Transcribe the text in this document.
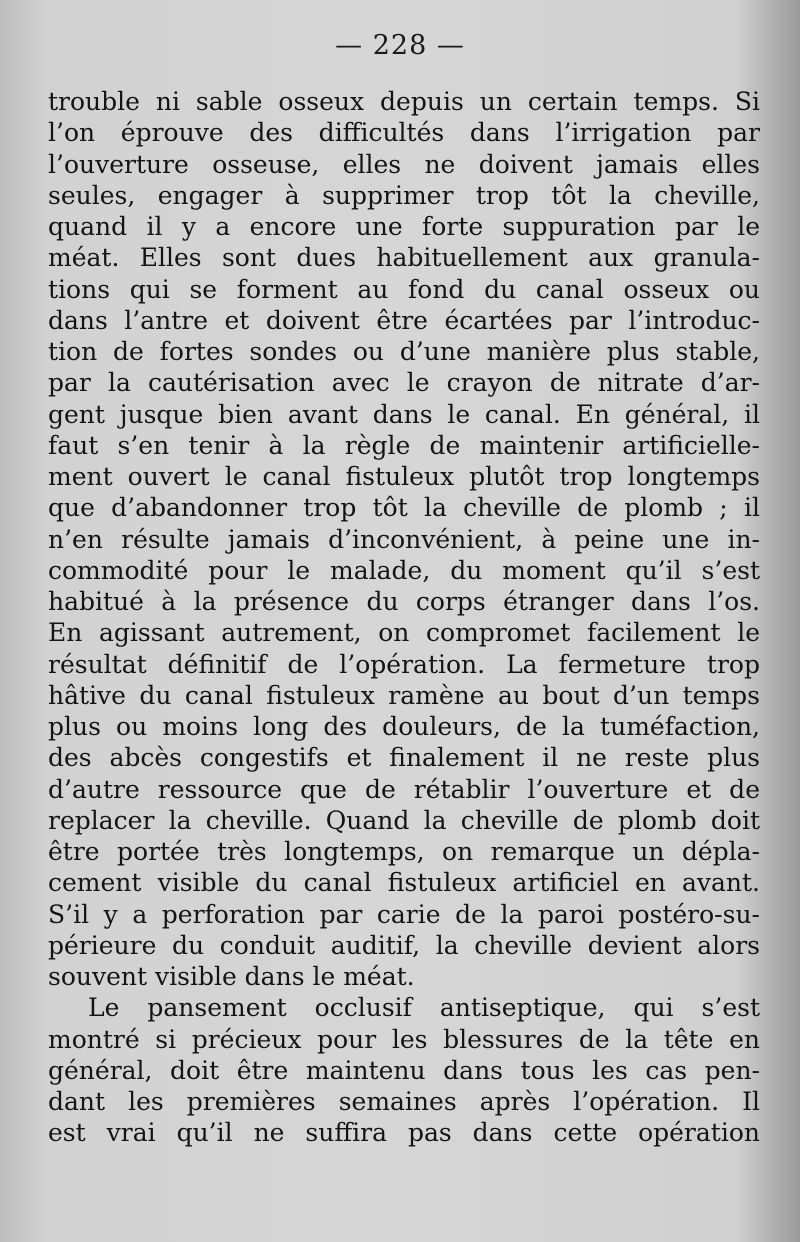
— 228 —
trouble ni sable osseux depuis un certain temps. Si
l’on éprouve des difficultés dans l’irrigation par
l’ouverture osseuse, elles ne doivent jamais elles
seules, engager à supprimer trop tôt la cheville,
quand il y a encore une forte suppuration par le
méat. Elles sont dues habituellement aux granula-
tions qui se forment au fond du canal osseux ou
dans l’antre et doivent être écartées par l’introduc-
tion de fortes sondes ou d’une manière plus stable,
par la cautérisation avec le crayon de nitrate d’ar-
gent jusque bien avant dans le canal. En général, il
faut s’en tenir à la règle de maintenir artificielle-
ment ouvert le canal fistuleux plutôt trop longtemps
que d’abandonner trop tôt la cheville de plomb ; il
n’en résulte jamais d’inconvénient, à peine une in-
commodité pour le malade, du moment qu’il s’est
habitué à la présence du corps étranger dans l’os.
En agissant autrement, on compromet facilement le
résultat définitif de l’opération. La fermeture trop
hâtive du canal fistuleux ramène au bout d’un temps
plus ou moins long des douleurs, de la tuméfaction,
des abcès congestifs et finalement il ne reste plus
d’autre ressource que de rétablir l’ouverture et de
replacer la cheville. Quand la cheville de plomb doit
être portée très longtemps, on remarque un dépla-
cement visible du canal fistuleux artificiel en avant.
S’il y a perforation par carie de la paroi postéro-su-
périeure du conduit auditif, la cheville devient alors
souvent visible dans le méat.
Le pansement occlusif antiseptique, qui s’est
montré si précieux pour les blessures de la tête en
général, doit être maintenu dans tous les cas pen-
dant les premières semaines après l’opération. Il
est vrai qu’il ne suffira pas dans cette opération
